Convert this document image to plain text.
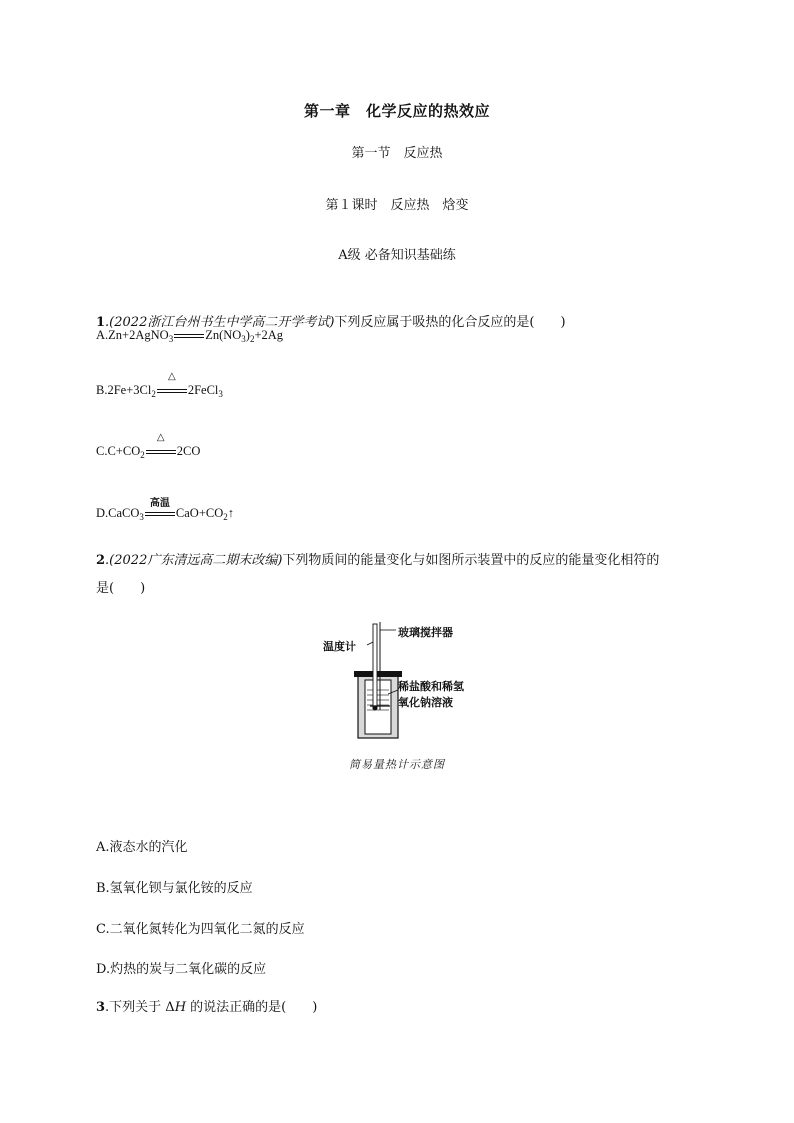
第一章　化学反应的热效应
第一节　反应热
第１课时　反应热　焓变
A级 必备知识基础练
1.(2022浙江台州书生中学高二开学考试)下列反应属于吸热的化合反应的是(　　)
A.Zn+2AgNO$_3$	$Zn(NO_3)_2+2Ag$
$B.2Fe+3Cl_2$
△
2FeCl$_3$
$C.C+CO_2$
△
2CO
D.CaCO$_3$
高温
$CaO+CO_2↑$
2.(2022广东清远高二期末改编)下列物质间的能量变化与如图所示装置中的反应的能量变化相符的
是(　　)
温度计
玻璃搅拌器
稀盐酸和稀氢
氧化钠溶液
简易量热计示意图
A.液态水的汽化
B.氢氧化钡与氯化铵的反应
C.二氧化氮转化为四氧化二氮的反应
D.灼热的炭与二氧化碳的反应
3.下列关于 ΔH 的说法正确的是(　　)
